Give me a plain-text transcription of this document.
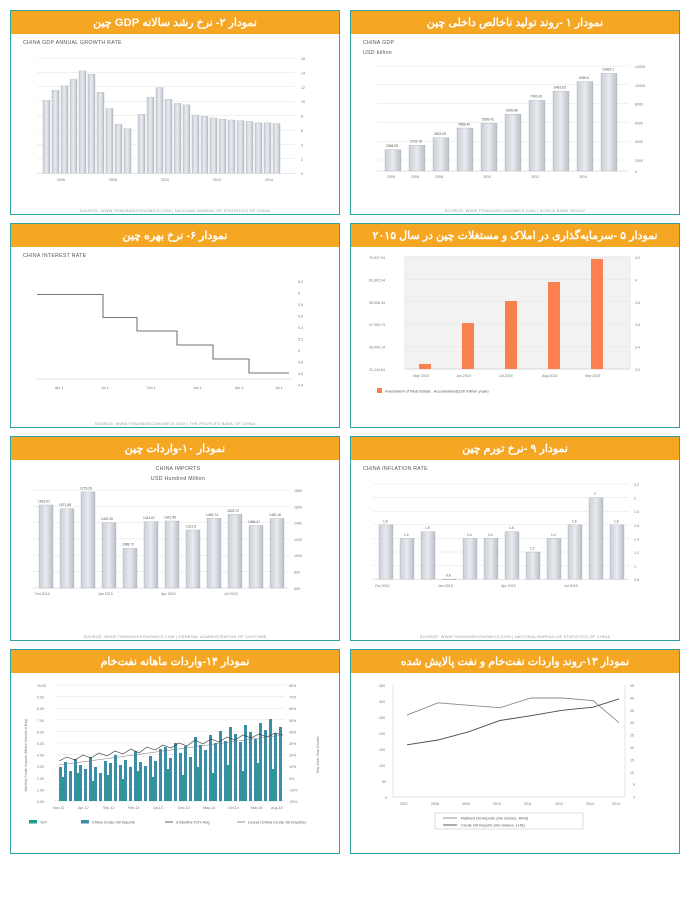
نمودار ۲- نرخ رشد سالانه GDP چین
CHINA GDP ANNUAL GROWTH RATE
16
14
12
10
8
6
4
2
0
2006	2008	2010	2012	2014
SOURCE: WWW.TRADINGECONOMICS.COM | NATIONAL BUREAU OF STATISTICS OF CHINA
نمودار ۱ -روند تولید ناخالص داخلی چین
CHINA GDP
USD billion
12000
10000
8000
6000
4000
2000
0
2268.59
2729.78
3523.09
4558.43
5059.42
6039.66
7492.43
8461.62
9490.6
10360.1
2005	2006	2008	2010	2012	2014
SOURCE: WWW.TRADINGECONOMICS.COM | WORLD BANK GROUP
نمودار ۶- نرخ بهره چین
CHINA INTEREST RATE
6.2
6
5.8
5.6
5.4
5.2
5
4.8
4.6
4.4
Apr 1	Jul 1	Oct 1	Jan 1	Apr 1	Jul 1
SOURCE: WWW.TRADINGECONOMICS.COM | THE PEOPLE'S BANK OF CHINA
نمودار ۵ -سرمایه‌گذاری در املاک و مستغلات چین در سال ۲۰۱۵
70,917.94
62,962.94
55,008.34
47,053.74
39,099.14
31,144.54
4.2
4
3.8
3.6
3.4
3.2
May 2015	Jun 2015	Jul 2015	Aug 2015	Sep 2015
Investment of Real Estate . Accumulated(100 million yuan)
نمودار ۱۰-واردات چین
CHINA IMPORTS
USD Hundred Million
1800
1600
1400
1200
1000
800
600
1616.61
1571.86
1779.29
1402.26
1088.72
1414.67	1421.96
1311.8
1454.74
1503.72
1366.47
1452.16
Oct 2014	Jan 2015	Apr 2015	Jul 2015
SOURCE: WWW.TRADINGECONOMICS.COM | GENERAL ADMINISTRATION OF CUSTOMS
نمودار ۹ -نرخ تورم چین
CHINA INFLATION RATE
2.2
2
1.8
1.6
1.4
1.2
1
0.8
1.6
1.4
1.5
0.8
1.4	1.4
1.5
1.2
1.4
1.6
2
1.6
Oct 2014	Jan 2015	Apr 2015	Jul 2015
SOURCE: WWW.TRADINGECONOMICS.COM | NATIONAL BUREAU OF STATISTICS OF CHINA
نمودار ۱۴-واردات ماهانه نفت‌خام
Monthly Crude Imports (Million Barrels a Day)	Year-Over-Year Growth
10.00
9.00
8.00
7.00
6.00
5.00
4.00
3.00
2.00
1.00
0.00
80%
70%
60%
50%
40%
30%
20%
10%
0%
-10%
-20%
Nov-11	Apr-12	Sep-12	Feb-13	Jul-13	Dec-13	May-14	Oct-14	Mar-15 Aug-15
YoY	China Crude Oil Imports	3 Months YOY Avg	Linear (China Crude Oil Imports)
نمودار ۱۳-روند واردات نفت‌خام و نفت پالایش شده
350
300
250
200
150
100
50
0
45
40
35
30
25
20
15
10
5
0
2007	2008	2009	2010	2011	2012	2013	2014
Refined Oil Imports (mn tonnes, RHS)
Crude Oil Imports (mn tonnes, LHS)
